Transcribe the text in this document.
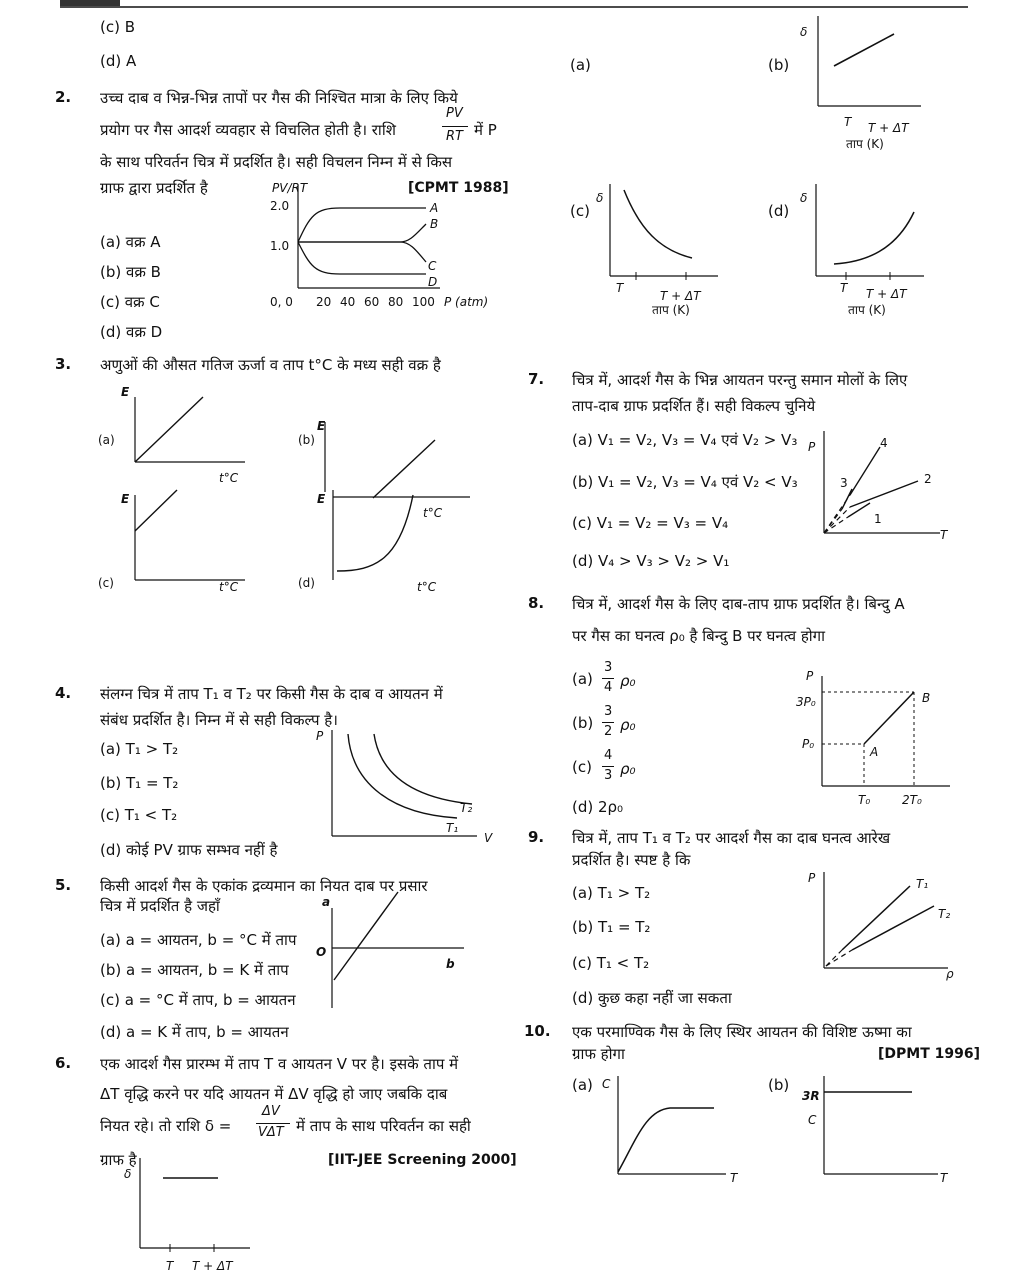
(c) B
(d) A
2. उच्च दाब व भिन्न-भिन्न तापों पर गैस की निश्चित मात्रा के लिए किये
प्रयोग पर गैस आदर्श व्यवहार से विचलित होती है। राशि
PV
RT में P
के साथ परिवर्तन चित्र में प्रदर्शित है। सही विचलन निम्न में से किस
ग्राफ द्वारा प्रदर्शित है	[CPMT 1988]
(a) वक्र A
(b) वक्र B
(c) वक्र C
(d) वक्र D
PV/RT
2.0
1.0
0, 0 20 40 60 80 100 P (atm)
A
B
C
D
3. अणुओं की औसत गतिज ऊर्जा व ताप t°C के मध्य सही वक्र है
(a)
E
t°C
(b)
E
(c)
E
t°C	(d)
E
t°C
t°C
4. संलग्न चित्र में ताप T₁ व T₂ पर किसी गैस के दाब व आयतन में
संबंध प्रदर्शित है। निम्न में से सही विकल्प है।
(a) T₁ > T₂
(b) T₁ = T₂
(c) T₁ < T₂
(d) कोई PV ग्राफ सम्भव नहीं है
P
V
T₂
T₁
5. किसी आदर्श गैस के एकांक द्रव्यमान का नियत दाब पर प्रसार
चित्र में प्रदर्शित है जहाँ
(a) a = आयतन, b = °C में ताप
(b) a = आयतन, b = K में ताप
(c) a = °C में ताप, b = आयतन
(d) a = K में ताप, b = आयतन
a
O
b
6. एक आदर्श गैस प्रारम्भ में ताप T व आयतन V पर है। इसके ताप में
ΔT वृद्धि करने पर यदि आयतन में ΔV वृद्धि हो जाए जबकि दाब
नियत रहे। तो राशि δ =
ΔV
VΔT में ताप के साथ परिवर्तन का सही
ग्राफ है	[IIT-JEE Screening 2000]
δ
T T + ΔT
(a)	(b)
δ
T T + ΔT
ताप (K)
(c)
δ
T
T + ΔT
ताप (K)
(d)
δ
T T + ΔT
ताप (K)
7. चित्र में, आदर्श गैस के भिन्न आयतन परन्तु समान मोलों के लिए
ताप-दाब ग्राफ प्रदर्शित हैं। सही विकल्प चुनिये
(a) V₁ = V₂, V₃ = V₄ एवं V₂ > V₃
(b) V₁ = V₂, V₃ = V₄ एवं V₂ < V₃
(c) V₁ = V₂ = V₃ = V₄
(d) V₄ > V₃ > V₂ > V₁
P
T
1
2
3
4
8. चित्र में, आदर्श गैस के लिए दाब-ताप ग्राफ प्रदर्शित है। बिन्दु A
पर गैस का घनत्व ρ₀ है बिन्दु B पर घनत्व होगा
(a)
3
4 ρ₀
(b)
3
2 ρ₀
(c)
4
3 ρ₀
(d) 2ρ₀
P
3P₀
P₀
A
B
T₀	2T₀
9. चित्र में, ताप T₁ व T₂ पर आदर्श गैस का दाब घनत्व आरेख
प्रदर्शित है। स्पष्ट है कि
(a) T₁ > T₂
(b) T₁ = T₂
(c) T₁ < T₂
(d) कुछ कहा नहीं जा सकता
P
ρ
T₁
T₂
10. एक परमाण्विक गैस के लिए स्थिर आयतन की विशिष्ट ऊष्मा का
ग्राफ होगा	[DPMT 1996]
(a) C
T
(b)
3R
C
T
